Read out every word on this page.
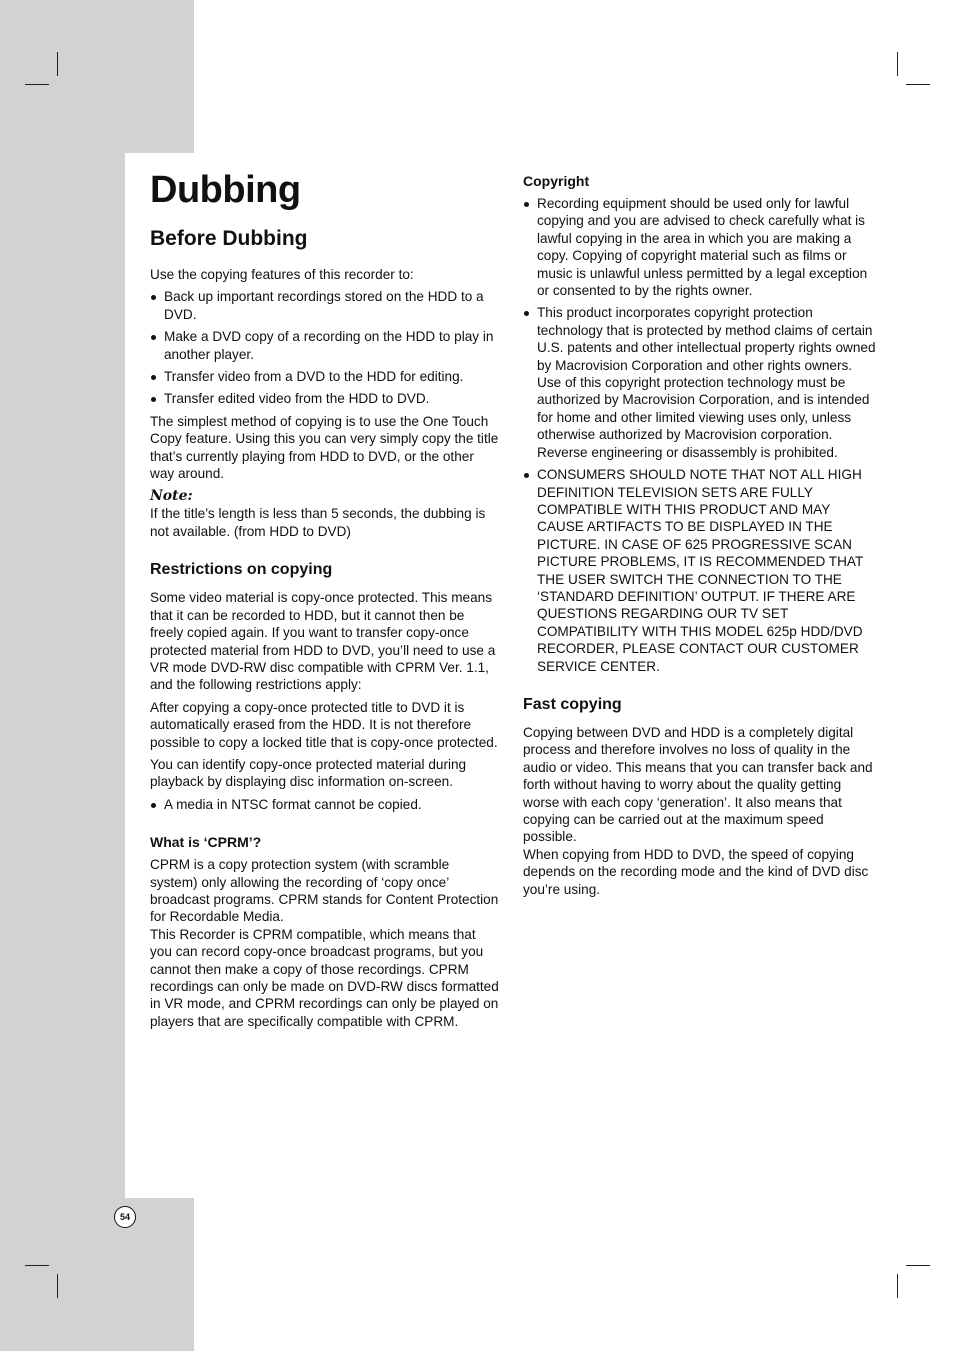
Dubbing
Before Dubbing

Use the copying features of this recorder to:

Back up important recordings stored on the HDD to a DVD.
Make a DVD copy of a recording on the HDD to play in another player.
Transfer video from a DVD to the HDD for editing.
Transfer edited video from the HDD to DVD.

The simplest method of copying is to use the One Touch Copy feature. Using this you can very simply copy the title that’s currently playing from HDD to DVD, or the other way around.

Note:

If the title’s length is less than 5 seconds, the dubbing is not available. (from HDD to DVD)

Restrictions on copying

Some video material is copy-once protected. This means that it can be recorded to HDD, but it cannot then be freely copied again. If you want to transfer copy-once protected material from HDD to DVD, you’ll need to use a VR mode DVD-RW disc compatible with CPRM Ver. 1.1, and the following restrictions apply:

After copying a copy-once protected title to DVD it is automatically erased from the HDD. It is not therefore possible to copy a locked title that is copy-once protected.

You can identify copy-once protected material during playback by displaying disc information on-screen.

A media in NTSC format cannot be copied.
What is ‘CPRM’?

CPRM is a copy protection system (with scramble system) only allowing the recording of ‘copy once’ broadcast programs. CPRM stands for Content Protection for Recordable Media.

This Recorder is CPRM compatible, which means that you can record copy-once broadcast programs, but you cannot then make a copy of those recordings. CPRM recordings can only be made on DVD-RW discs formatted in VR mode, and CPRM recordings can only be played on players that are specifically compatible with CPRM.

Copyright
Recording equipment should be used only for lawful copying and you are advised to check carefully what is lawful copying in the area in which you are making a copy. Copying of copyright material such as films or music is unlawful unless permitted by a legal exception or consented to by the rights owner.
This product incorporates copyright protection technology that is protected by method claims of certain U.S. patents and other intellectual property rights owned by Macrovision Corporation and other rights owners. Use of this copyright protection technology must be authorized by Macrovision Corporation, and is intended for home and other limited viewing uses only, unless otherwise authorized by Macrovision corporation. Reverse engineering or disassembly is prohibited.
CONSUMERS SHOULD NOTE THAT NOT ALL HIGH DEFINITION TELEVISION SETS ARE FULLY COMPATIBLE WITH THIS PRODUCT AND MAY CAUSE ARTIFACTS TO BE DISPLAYED IN THE PICTURE. IN CASE OF 625 PROGRESSIVE SCAN PICTURE PROBLEMS, IT IS RECOMMENDED THAT THE USER SWITCH THE CONNECTION TO THE ‘STANDARD DEFINITION’ OUTPUT. IF THERE ARE QUESTIONS REGARDING OUR TV SET COMPATIBILITY WITH THIS MODEL 625p HDD/DVD RECORDER, PLEASE CONTACT OUR CUSTOMER SERVICE CENTER.
Fast copying

Copying between DVD and HDD is a completely digital process and therefore involves no loss of quality in the audio or video. This means that you can transfer back and forth without having to worry about the quality getting worse with each copy ‘generation’. It also means that copying can be carried out at the maximum speed possible.

When copying from HDD to DVD, the speed of copying depends on the recording mode and the kind of DVD disc you’re using.

54
